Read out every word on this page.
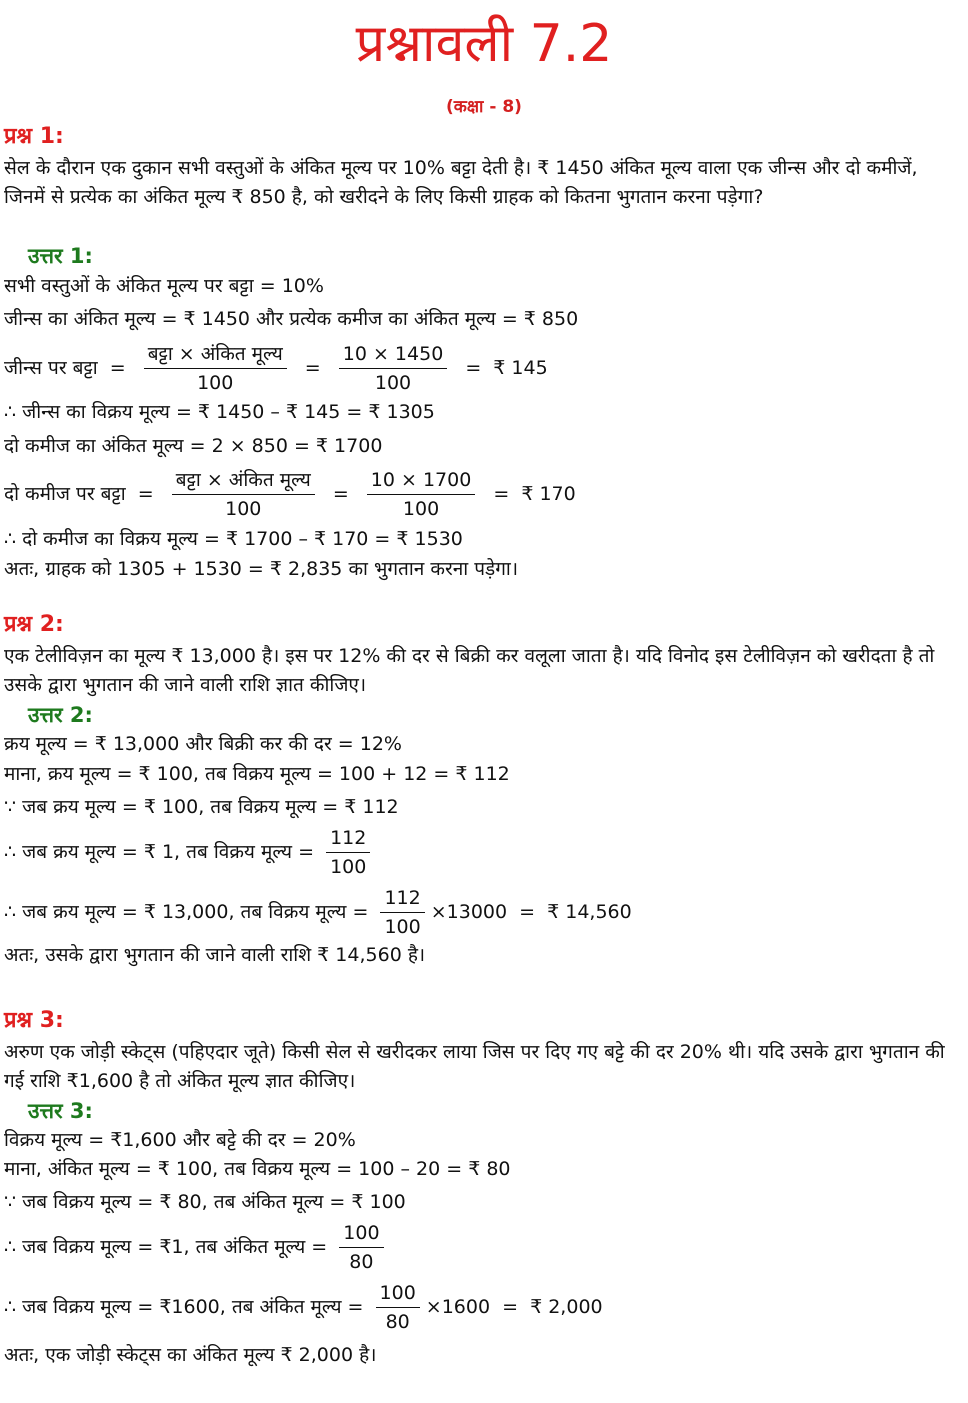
प्रश्नावली 7.2
(कक्षा - 8)
प्रश्न 1:
सेल के दौरान एक दुकान सभी वस्तुओं के अंकित मूल्य पर 10% बट्टा देती है। ₹ 1450 अंकित मूल्य वाला एक जीन्स और दो कमीजें, जिनमें से प्रत्येक का अंकित मूल्य ₹ 850 है, को खरीदने के लिए किसी ग्राहक को कितना भुगतान करना पड़ेगा?
उत्तर 1:
सभी वस्तुओं के अंकित मूल्य पर बट्टा = 10%
जीन्स का अंकित मूल्य = ₹ 1450 और प्रत्येक कमीज का अंकित मूल्य = ₹ 850
जीन्स पर बट्टा = $\frac{\text{बट्टा × अंकित मूल्य}}{100} = \frac{10 \times 1450}{100}$ = ₹ 145
∴ जीन्स का विक्रय मूल्य = ₹ 1450 – ₹ 145 = ₹ 1305
दो कमीज का अंकित मूल्य = 2 × 850 = ₹ 1700
दो कमीज पर बट्टा = $\frac{\text{बट्टा × अंकित मूल्य}}{100} = \frac{10 \times 1700}{100}$ = ₹ 170
∴ दो कमीज का विक्रय मूल्य = ₹ 1700 – ₹ 170 = ₹ 1530
अतः, ग्राहक को 1305 + 1530 = ₹ 2,835 का भुगतान करना पड़ेगा।
प्रश्न 2:
एक टेलीविज़न का मूल्य ₹ 13,000 है। इस पर 12% की दर से बिक्री कर वलूला जाता है। यदि विनोद इस टेलीविज़न को खरीदता है तो उसके द्वारा भुगतान की जाने वाली राशि ज्ञात कीजिए।
उत्तर 2:
क्रय मूल्य = ₹ 13,000 और बिक्री कर की दर = 12%
माना, क्रय मूल्य = ₹ 100, तब विक्रय मूल्य = 100 + 12 = ₹ 112
∵ जब क्रय मूल्य = ₹ 100, तब विक्रय मूल्य = ₹ 112
∴ जब क्रय मूल्य = ₹ 1, तब विक्रय मूल्य = $\frac{112}{100}$
∴ जब क्रय मूल्य = ₹ 13,000, तब विक्रय मूल्य = $\frac{112}{100} \times 13000$ = ₹ 14,560
अतः, उसके द्वारा भुगतान की जाने वाली राशि ₹ 14,560 है।
प्रश्न 3:
अरुण एक जोड़ी स्केट्स (पहिएदार जूते) किसी सेल से खरीदकर लाया जिस पर दिए गए बट्टे की दर 20% थी। यदि उसके द्वारा भुगतान की गई राशि ₹1,600 है तो अंकित मूल्य ज्ञात कीजिए।
उत्तर 3:
विक्रय मूल्य = ₹1,600 और बट्टे की दर = 20%
माना, अंकित मूल्य = ₹ 100, तब विक्रय मूल्य = 100 – 20 = ₹ 80
∵ जब विक्रय मूल्य = ₹ 80, तब अंकित मूल्य = ₹ 100
∴ जब विक्रय मूल्य = ₹1, तब अंकित मूल्य = $\frac{100}{80}$
∴ जब विक्रय मूल्य = ₹1600, तब अंकित मूल्य = $\frac{100}{80} \times 1600$ = ₹ 2,000
अतः, एक जोड़ी स्केट्स का अंकित मूल्य ₹ 2,000 है।
